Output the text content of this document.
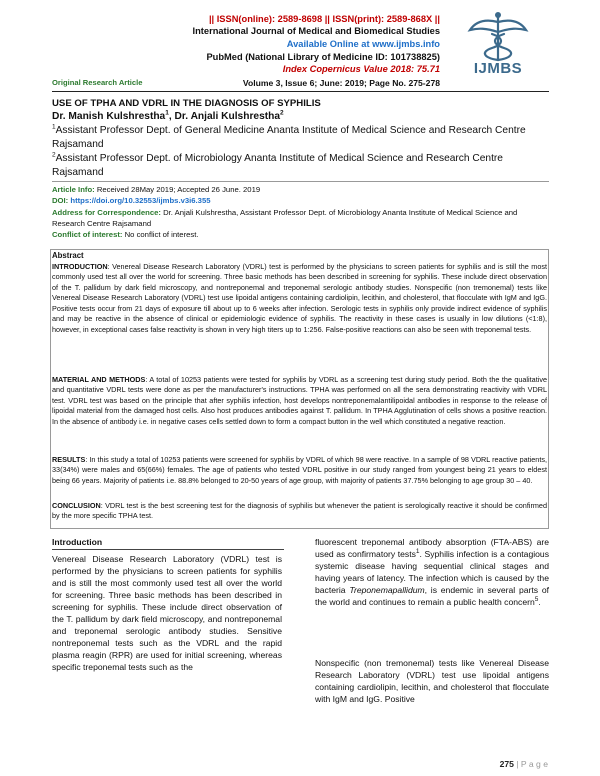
|| ISSN(online): 2589-8698 || ISSN(print): 2589-868X ||
International Journal of Medical and Biomedical Studies
Available Online at www.ijmbs.info
PubMed (National Library of Medicine ID: 101738825)
Index Copernicus Value 2018: 75.71	IJMBS
Original Research Article	Volume 3, Issue 6; June: 2019; Page No. 275-278
USE OF TPHA AND VDRL IN THE DIAGNOSIS OF SYPHILIS
Dr. Manish Kulshrestha$^1$, Dr. Anjali Kulshrestha$^2$
$^1$Assistant Professor Dept. of General Medicine Ananta Institute of Medical Science and Research Centre Rajsamand
$^2$Assistant Professor Dept. of Microbiology Ananta Institute of Medical Science and Research Centre Rajsamand
Article Info: Received 28May 2019; Accepted 26 June. 2019
DOI: https://doi.org/10.32553/ijmbs.v3i6.355
Address for Correspondence: Dr. Anjali Kulshrestha, Assistant Professor Dept. of Microbiology Ananta Institute of Medical Science and Research Centre Rajsamand
Conflict of interest: No conflict of interest.
Abstract
INTRODUCTION: Venereal Disease Research Laboratory (VDRL) test is performed by the physicians to screen patients for syphilis and is still the most commonly used test all over the world for screening. Three basic methods has been described in screening for syphilis. These include direct observation of the T. pallidum by dark field microscopy, and nontreponemal and treponemal serologic antibody studies. Nonspecific (non tremonemal) tests like Venereal Disease Research Laboratory (VDRL) test use lipoidal antigens containing cardiolipin, lecithin, and cholesterol, that flocculate with IgM and IgG. Positive tests occur from 21 days of exposure till about up to 6 weeks after infection. Serologic tests in syphilis only provide indirect evidence of syphilis and may be reactive in the absence of clinical or epidemiologic evidence of syphilis. The reactivity in these cases is usually in low dilutions (<1:8), however, in exceptional cases false reactivity is shown in very high titers up to 1:256. False-positive reactions can also be seen with treponemal tests.
MATERIAL AND METHODS: A total of 10253 patients were tested for syphilis by VDRL as a screening test during study period. Both the the qualitative and quantitative VDRL tests were done as per the manufacturer's instructions. TPHA was performed on all the sera demonstrating reactivity with VDRL test. VDRL test was based on the principle that after syphilis infection, host develops nontreponemalantilipoidal antibodies in response to the release of lipoidal material from the damaged host cells. Also host produces antibodies against T. pallidum. In TPHA Agglutination of cells shows a positive reaction. In the absence of antibody i.e. in negative cases cells settled down to form a compact button in the well which constituted a negative reaction.
RESULTS: In this study a total of 10253 patients were screened for syphilis by VDRL of which 98 were reactive. In a sample of 98 VDRL reactive patients, 33(34%) were males and 65(66%) females. The age of patients who tested VDRL positive in our study ranged from youngest being 21 years to eldest being 66 years. Majority of patients i.e. 88.8% belonged to 20-50 years of age group, with majority of patients 37.75% belonging to age group 30 – 40.
CONCLUSION: VDRL test is the best screening test for the diagnosis of syphilis but whenever the patient is serologically reactive it should be confirmed by the more specific TPHA test.
Introduction
Venereal Disease Research Laboratory (VDRL) test is performed by the physicians to screen patients for syphilis and is still the most commonly used test all over the world for screening. Three basic methods has been described in screening for syphilis. These include direct observation of the T. pallidum by dark field microscopy, and nontreponemal and treponemal serologic antibody studies. Sensitive nontreponemal tests such as the VDRL and the rapid plasma reagin (RPR) are used for initial screening, whereas specific treponemal tests such as the
fluorescent treponemal antibody absorption (FTA-ABS) are used as confirmatory tests$^1$. Syphilis infection is a contagious systemic disease having sequential clinical stages and having years of latency. The infection which is caused by the bacteria Treponemapallidum, is endemic in several parts of the world and continues to remain a public health concern$^5$.
Nonspecific (non tremonemal) tests like Venereal Disease Research Laboratory (VDRL) test use lipoidal antigens containing cardiolipin, lecithin, and cholesterol that flocculate with IgM and IgG. Positive
275 | P a g e
